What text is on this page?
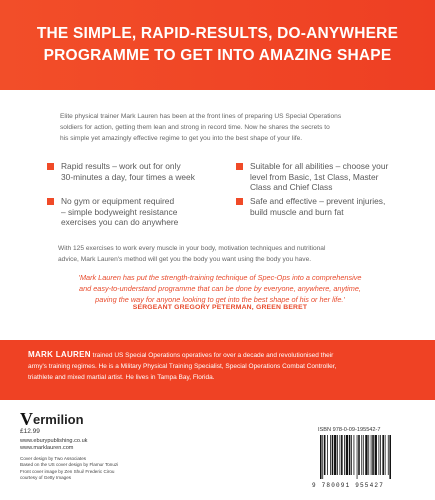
THE SIMPLE, RAPID-RESULTS, DO-ANYWHERE
PROGRAMME TO GET INTO AMAZING SHAPE
Elite physical trainer Mark Lauren has been at the front lines of preparing US Special Operations
soldiers for action, getting them lean and strong in record time. Now he shares the secrets to
his simple yet amazingly effective regime to get you into the best shape of your life.
Rapid results – work out for only
30-minutes a day, four times a week
Suitable for all abilities – choose your
level from Basic, 1st Class, Master
Class and Chief Class
No gym or equipment required
– simple bodyweight resistance
exercises you can do anywhere
Safe and effective – prevent injuries,
build muscle and burn fat
With 125 exercises to work every muscle in your body, motivation techniques and nutritional
advice, Mark Lauren's method will get you the body you want using the body you have.
'Mark Lauren has put the strength-training technique of Spec-Ops into a comprehensive
and easy-to-understand programme that can be done by everyone, anywhere, anytime,
paving the way for anyone looking to get into the best shape of his or her life.'
SERGEANT GREGORY PETERMAN, GREEN BERET
MARK LAUREN trained US Special Operations operatives for over a decade and revolutionised their
army's training regimes. He is a Military Physical Training Specialist, Special Operations Combat Controller,
triathlete and mixed martial artist. He lives in Tampa Bay, Florida.
V ermilion
£12.99
www.eburypublishing.co.uk
www.marklauren.com
Cover design by Two Associates
Based on the US cover design by Flamur Tonuzi
Front cover image by Zen Shui/ Frederic Cirou
courtesy of Getty Images
ISBN 978-0-09-195542-7
9 780091 955427
